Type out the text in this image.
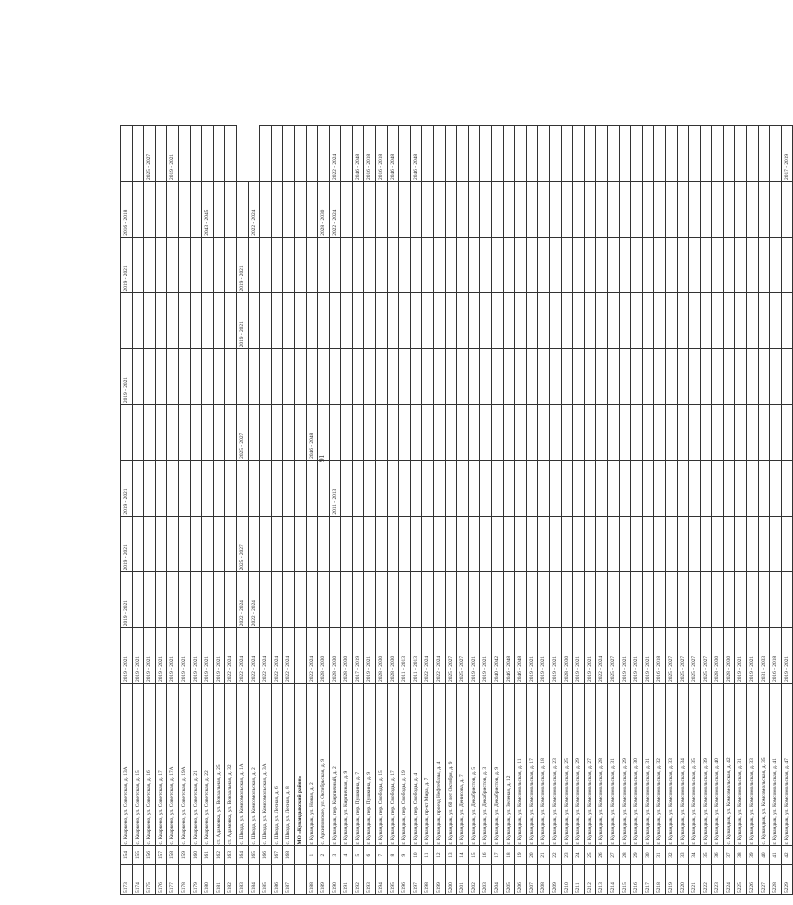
91
5173	154	с. Кваркено, ул. Советская, д. 13А	2019 - 2021	2019 - 2021	2019 - 2021	2019 - 2021		2019 - 2021		2019 - 2021	2016 - 2018	
5174	155	с. Кваркено, ул. Советская, д. 15	2019 - 2021									
5175	156	с. Кваркено, ул. Советская, д. 16	2019 - 2021									2025 - 2027
5176	157	с. Кваркено, ул. Советская, д. 17	2019 - 2021									
5177	158	с. Кваркено, ул. Советская, д. 17А	2019 - 2021									2019 - 2021
5178	159	с. Кваркено, ул. Советская, д. 19А	2019 - 2021									
5179	160	с. Кваркено, ул. Советская, д. 21	2019 - 2021									
5180	161	с. Кваркено, ул. Советская, д. 22	2019 - 2021								2043 - 2045	
5181	162	ст. Адамовка, ул. Вокзальная, д. 25	2019 - 2021									
5182	163	ст. Адамовка, ул. Вокзальная, д. 32	2022 - 2024									
5183	164	с. Шкода, ул. Комсомольская, д. 1А	2022 - 2024	2022 - 2024	2025 - 2027		2025 - 2027		2019 - 2021	2019 - 2021		
5184	165	с. Шкода, ул. Комсомольская, д. 2	2022 - 2024	2022 - 2024							2022 - 2024	
5185	166	с. Шкода, ул. Комсомольская, д. 3А	2022 - 2024									
5186	167	с. Шкода, ул. Лесная, д. 6	2022 - 2024									
5187	168	с. Шкода, ул. Лесная, д. 8	2022 - 2024									
		МО «Кувандыкский район»										
5188	1	г. Кувандык, ул. Новая, д. 2	2022 - 2024				2046 - 2048					
5189	2	с. Архиповское, ул. Октябрьская, д. 9	2028 - 2030								2028 - 2030	
5190	3	г. Кувандык, пер. Кирпичный, д. 2	2028 - 2030			2011 - 2013					2022 - 2024	2022 - 2024
5191	4	г. Кувандык, ул. Кирпичная, д. 9	2028 - 2030									
5192	5	г. Кувандык, пер. Пушкина, д. 7	2017 - 2019									2046 - 2048
5193	6	г. Кувандык, пер. Пушкина, д. 9	2019 - 2021									2016 - 2018
5194	7	г. Кувандык, пер. Свободы, д. 15	2028 - 2030									2016 - 2018
5195	8	г. Кувандык, пер. Свободы, д. 17	2028 - 2030									2046 - 2048
5196	9	г. Кувандык, пер. Свободы, д. 19	2011 - 2013									
5197	10	г. Кувандык, пер. Свободы, д. 4	2011 - 2013									2046 - 2048
5198	11	г. Кувандык, пр-кт Мира, д. 7	2022 - 2024									
5199	12	г. Кувандык, проезд Нефтебазы, д. 4	2022 - 2024									
5200	13	г. Кувандык, ул. 60 лет Октября, д. 9	2025 - 2027									
5201	14	г. Кувандык, ул. Денисова, д. 7	2025 - 2027									
5202	15	г. Кувандык, ул. Декабристов, д. 5	2019 - 2021									
5203	16	г. Кувандык, ул. Декабристов, д. 3	2019 - 2021									
5204	17	г. Кувандык, ул. Декабристов, д. 9	2040 - 2042									
5205	18	г. Кувандык, ул. Зеленая, д. 12	2046 - 2048									
5206	19	г. Кувандык, ул. Комсомольская, д. 11	2046 - 2048									
5207	20	г. Кувандык, ул. Комсомольская, д. 17	2019 - 2021									
5208	21	г. Кувандык, ул. Комсомольская, д. 18	2019 - 2021									
5209	22	г. Кувандык, ул. Комсомольская, д. 23	2019 - 2021									
5210	23	г. Кувандык, ул. Комсомольская, д. 25	2028 - 2030									
5211	24	г. Кувандык, ул. Комсомольская, д. 29	2019 - 2021									
5212	25	г. Кувандык, ул. Комсомольская, д. 27	2019 - 2021									
5213	26	г. Кувандык, ул. Комсомольская, д. 28	2022 - 2024									
5214	27	г. Кувандык, ул. Комсомольская, д. 31	2025 - 2027									
5215	28	г. Кувандык, ул. Комсомольская, д. 29	2019 - 2021									
5216	29	г. Кувандык, ул. Комсомольская, д. 30	2019 - 2021									
5217	30	г. Кувандык, ул. Комсомольская, д. 31	2019 - 2021									
5218	31	г. Кувандык, ул. Комсомольская, д. 32	2016 - 2018									
5219	32	г. Кувандык, ул. Комсомольская, д. 33	2025 - 2027									
5220	33	г. Кувандык, ул. Комсомольская, д. 34	2025 - 2027									
5221	34	г. Кувандык, ул. Комсомольская, д. 35	2025 - 2027									
5222	35	г. Кувандык, ул. Комсомольская, д. 39	2025 - 2027									
5223	36	г. Кувандык, ул. Комсомольская, д. 40	2028 - 2030									
5224	37	с. Кувандык, ул. Комсомольская, д. 42	2028 - 2030									
5225	38	г. Кувандык, ул. Комсомольская, д. 31	2019 - 2021									
5226	39	г. Кувандык, ул. Комсомольская, д. 33	2019 - 2021									
5227	40	с. Кувандык, ул. Комсомольская, д. 35	2031 - 2033									
5228	41	г. Кувандык, ул. Комсомольская, д. 41	2016 - 2018									
5229	42	г. Кувандык, ул. Комсомольская, д. 47	2019 - 2021									2017 - 2019
